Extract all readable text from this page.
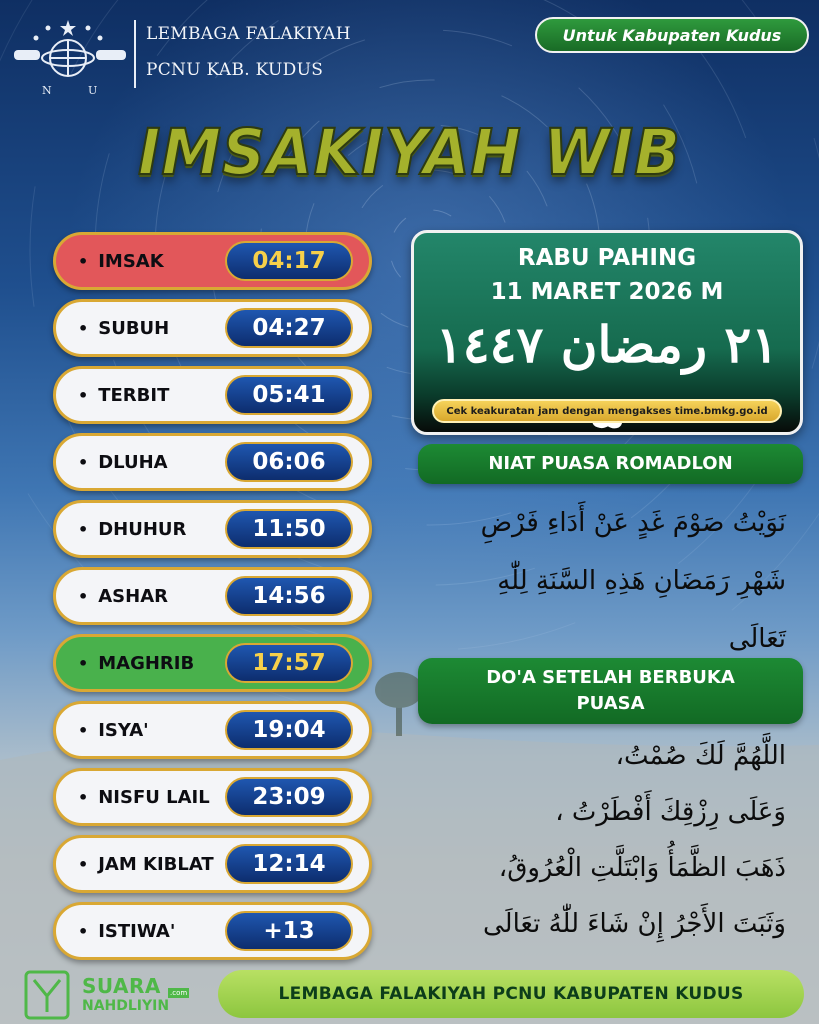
N	U
LEMBAGA FALAKIYAH
PCNU KAB. KUDUS
Untuk Kabupaten Kudus
IMSAKIYAH WIB
• IMSAK	04:17
• SUBUH	04:27
• TERBIT	05:41
• DLUHA	06:06
• DHUHUR	11:50
• ASHAR	14:56
• MAGHRIB	17:57
• ISYA'	19:04
• NISFU LAIL	23:09
• JAM KIBLAT	12:14
• ISTIWA'	+13
RABU PAHING
11 MARET 2026 M
٢١ رمضان ١٤٤٧
Cek keakuratan jam dengan mengakses time.bmkg.go.id
NIAT PUASA ROMADLON
نَوَيْتُ صَوْمَ غَدٍ عَنْ أَدَاءِ فَرْضِ
شَهْرِ رَمَضَانِ هَذِهِ السَّنَةِ لِلّٰهِ
تَعَالَى
DO'A SETELAH BERBUKA PUASA
اللَّهُمَّ لَكَ صُمْتُ،
وَعَلَى رِزْقِكَ أَفْطَرْتُ ،
ذَهَبَ الظَّمَأُ وَابْتَلَّتِ الْعُرُوقُ،
وَثَبَتَ الأَجْرُ إِنْ شَاءَ للّٰهُ تعَالَى
SUARA .com
NAHDLIYIN
LEMBAGA FALAKIYAH PCNU KABUPATEN KUDUS
